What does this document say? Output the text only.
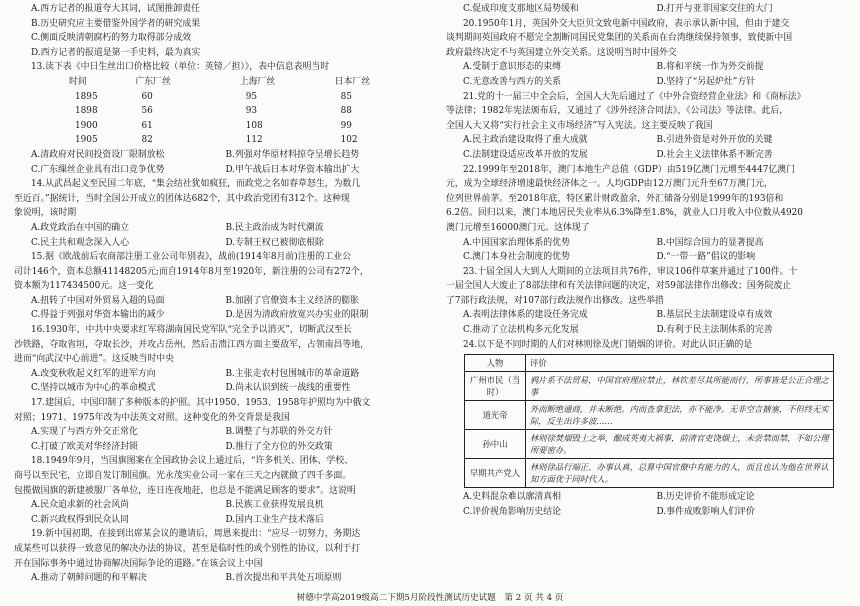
A.西方记者的报道夸大其词，试图推卸责任
B.历史研究应主要借鉴外国学者的研究成果
C.侧面反映清朝腐朽的努力取得部分成效
D.西方记者的报道是第一手史料，最为真实
13.读下表《中日生丝出口价格比较（单位：英镑／担）》，表中信息表明当时
时间	广东厂丝	上海厂丝	日本厂丝
1895	60	95	85
1898	56	93	88
1900	61	108	99
1905	82	112	102
A.清政府对民间投资设厂限制放松	B.列强对华原材料掠夺呈增长趋势
C.广东缫丝企业具有出口竞争优势	D.甲午战后日本对华资本输出扩大
14.从武昌起义至民国二年底，“集会结社犹如疯狂，而政党之名如春草怒生，为数几
至近百。”据统计，当时全国公开成立的团体达682个，其中政治党团有312个。这种现
象说明，该时期
A.政党政治在中国的确立	B.民主政治成为时代潮流
C.民主共和观念深入人心	D.专制王权已被彻底根除
15.据《欧战前后农商部注册工业公司年别表》，战前(1914年8月前)注册的工业公
司计146个，资本总额41148205元;而自1914年8月至1920年，新注册的公司有272个，
资本额为117434500元。这一变化
A.扭转了中国对外贸易入超的局面	B.加剧了官僚资本主义经济的膨胀
C.得益于列强对华资本输出的减少	D.是因为清政府放宽兴办实业的限制
16.1930年，中共中央要求红军将湖南国民党军队“完全予以消灭”，切断武汉至长
沙铁路，夺取省垣，夺取长沙，并攻占岳州，然后击溃江西方面主要敌军，占领南昌等地，
进而“向武汉中心前进”。这反映当时中央
A.改变秋收起义红军的进军方向	B.主张走农村包围城市的革命道路
C.坚持以城市为中心的革命模式	D.尚未认识到统一战线的重要性
17.建国后，中国印制了多种版本的护照。其中1950、1953、1958年护照均为中俄文
对照；1971、1975年改为中法英文对照。这种变化的外交背景是我国
A.实现了与西方外交正常化	B.调整了与苏联的外交方针
C.打破了欧美对华经济封锁	D.推行了全方位的外交政策
18.1949年9月，当国旗图案在全国政协会议上通过后，“许多机关、团体、学校、
商号以至民宅，立即自发订制国旗。光永茂实业公司一家在三天之内就做了四千多面。
包揽做国旗的新建被服厂各单位，连日连夜地赶，也总是不能满足顾客的要求”。这说明
A.民众追求新的社会风尚	B.民族工业获得发展良机
C.新兴政权得到民众认同	D.国内工业生产技术落后
19.新中国初期，在接到出席某会议的邀请后，周恩来提出：“应尽一切努力，务期达
成某些可以获得一致意见的解决办法的协议，甚至是临时性的或个别性的协议，以利于打
开在国际事务中通过协商解决国际争论的道路。”在该会议上中国
A.推动了朝鲜问题的和平解决	B.首次提出和平共处五项原则
C.促成印度支那地区局势缓和	D.打开与亚非国家交往的大门
20.1950年1月，英国外交大臣贝文致电新中国政府，表示承认新中国，但由于建交
谈判期间英国政府不愿完全割断同国民党集团的关系而在台湾继续保持领事，致使新中国
政府最终决定不与英国建立外交关系。这说明当时中国外交
A.受制于意识形态的束缚	B.将和平统一作为外交前提
C.无意改善与西方的关系	D.坚持了“另起炉灶”方针
21.党的十一届三中全会后，全国人大先后通过了《中外合资经营企业法》和《商标法》
等法律；1982年宪法颁布后，又通过了《涉外经济合同法》、《公司法》等法律。此后，
全国人大又将“实行社会主义市场经济”写入宪法。这主要反映了我国
A.民主政治建设取得了重大成就	B.引进外资是对外开放的关键
C.法制建设适应改革开放的发展	D.社会主义法律体系不断完善
22.1999年至2018年，澳门本地生产总值（GDP）由519亿澳门元增至4447亿澳门
元，成为全球经济增速最快经济体之一。人均GDP由12万澳门元升至67万澳门元，
位列世界前茅。至2018年底，特区累计财政盈余，外汇储备分别是1999年的193倍和
6.2倍。回归以来，澳门本地居民失业率从6.3%降至1.8%，就业人口月收入中位数从4920
澳门元增至16000澳门元。这体现了
A.中国国家治理体系的优势	B.中国综合国力的显著提高
C.澳门本身社会制度的优势	D.“一带一路”倡议的影响
23.十届全国人大到人大期间的立法项目共76件，审议106件草案并通过了100件。十
一届全国人大废止了8部法律和有关法律问题的决定，对59部法律作出修改；国务院废止
了7部行政法规，对107部行政法规作出修改。这些举措
A.表明法律体系的建设任务完成	B.基层民主法制建设卓有成效
C.推动了立法机构多元化发展	D.有利于民主法制体系的完善
24.以下是不同时期的人们对林则徐及虎门销烟的评价。对此认识正确的是
人物	评价
广州市民（当时）	鸦片系不法贸易，中国官府理应禁止，林钦差尽其所能而行，所事皆是公正合理之事
道光帝	外而断绝通商，并未断绝。内而查拿犯法，亦不能净。无非空言搪塞，不但终无实际，反生出许多波……
孙中山	林则徐焚烟毁土之举，酿成英夷大祸事，前清官吏饶烟土，未尝禁而禁，不如公理所要密办。
早期共产党人	林则徐品行端正、办事认真，总算中国官僚中有能力的人，而且也认为他在世界认知方面优于同时代人。
A.史料混杂难以廓清真相	B.历史评价不能形成定论
C.评价视角影响历史结论	D.事件成败影响人们评价
树德中学高2019级高二下期5月阶段性测试历史试题　第 2 页 共 4 页
